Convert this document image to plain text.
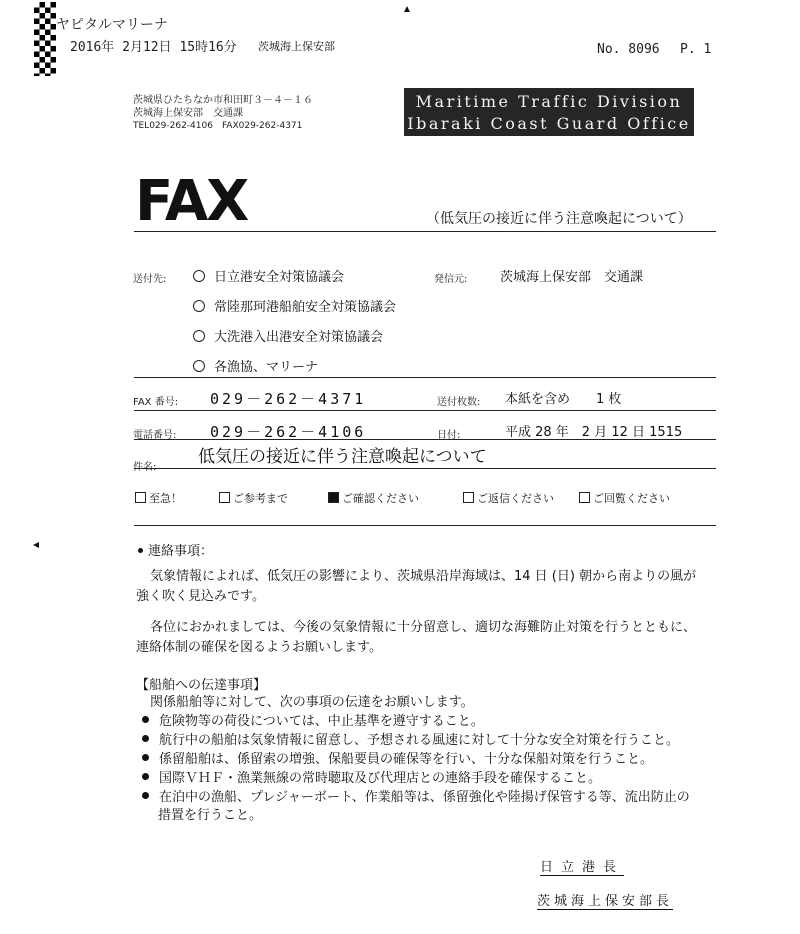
ヤピタルマリーナ
2016年 2月12日 15時16分 茨城海上保安部	No. 8096 P. 1
茨城県ひたちなか市和田町３－４－１６
茨城海上保安部　交通課
TEL029-262-4106　FAX029-262-4371
Maritime Traffic Division
Ibaraki Coast Guard Office
FAX	（低気圧の接近に伴う注意喚起について）
送付先:	日立港安全対策協議会
常陸那珂港船舶安全対策協議会
大洗港入出港安全対策協議会
各漁協、マリーナ
発信元:	茨城海上保安部　交通課
FAX 番号: 029－262－4371	送付枚数: 本紙を含め　　1 枚
電話番号: 029－262－4106	日付:	平成 28 年　2 月 12 日 1515
件名:
低気圧の接近に伴う注意喚起について
至急！	ご参考まで	ご確認ください	ご返信ください	ご回覧ください
連絡事項：
気象情報によれば、低気圧の影響により、茨城県沿岸海域は、14 日 (日) 朝から南よりの風が
強く吹く見込みです。
各位におかれましては、今後の気象情報に十分留意し、適切な海難防止対策を行うとともに、
連絡体制の確保を図るようお願いします。
【船舶への伝達事項】
関係船舶等に対して、次の事項の伝達をお願いします。
危険物等の荷役については、中止基準を遵守すること。
航行中の船舶は気象情報に留意し、予想される風速に対して十分な安全対策を行うこと。
係留船舶は、係留索の増強、保船要員の確保等を行い、十分な保船対策を行うこと。
国際ＶＨＦ・漁業無線の常時聴取及び代理店との連絡手段を確保すること。
在泊中の漁船、プレジャーボート、作業船等は、係留強化や陸揚げ保管する等、流出防止の
措置を行うこと。
日立港長
茨城海上保安部長
